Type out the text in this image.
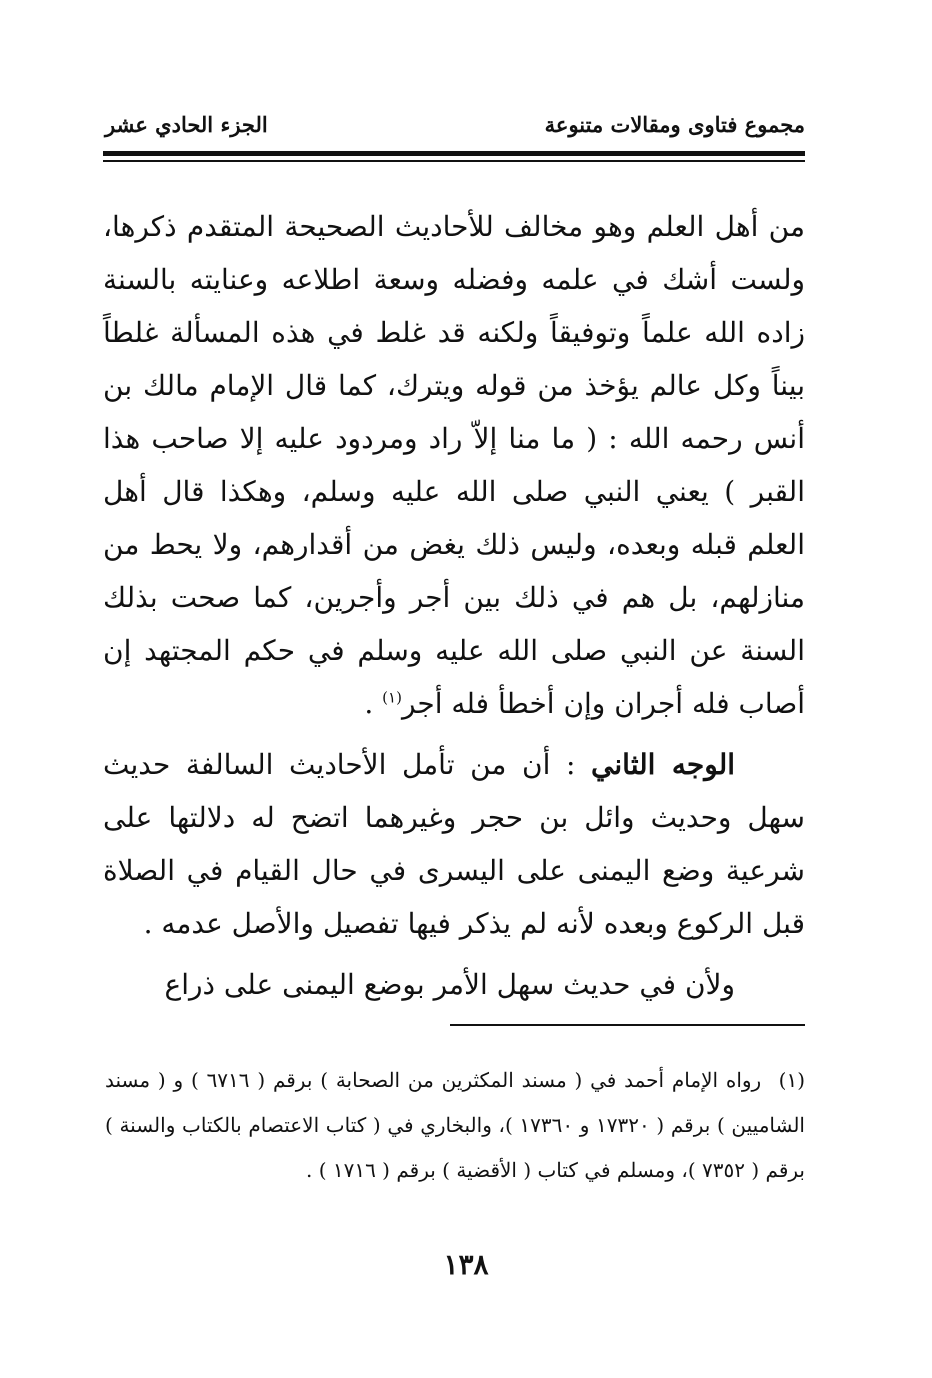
مجموع فتاوى ومقالات متنوعة
الجزء الحادي عشر

من أهل العلم وهو مخالف للأحاديث الصحيحة المتقدم ذكرها، ولست أشك في علمه وفضله وسعة اطلاعه وعنايته بالسنة زاده الله علماً وتوفيقاً ولكنه قد غلط في هذه المسألة غلطاً بيناً وكل عالم يؤخذ من قوله ويترك، كما قال الإمام مالك بن أنس رحمه الله : ( ما منا إلاّ راد ومردود عليه إلا صاحب هذا القبر ) يعني النبي صلى الله عليه وسلم، وهكذا قال أهل العلم قبله وبعده، وليس ذلك يغض من أقدارهم، ولا يحط من منازلهم، بل هم في ذلك بين أجر وأجرين، كما صحت بذلك السنة عن النبي صلى الله عليه وسلم في حكم المجتهد إن أصاب فله أجران وإن أخطأ فله أجر$^{(١)}$ .

الوجه الثاني : أن من تأمل الأحاديث السالفة حديث سهل وحديث وائل بن حجر وغيرهما اتضح له دلالتها على شرعية وضع اليمنى على اليسرى في حال القيام في الصلاة قبل الركوع وبعده لأنه لم يذكر فيها تفصيل والأصل عدمه .

ولأن في حديث سهل الأمر بوضع اليمنى على ذراع

(١) رواه الإمام أحمد في ( مسند المكثرين من الصحابة ) برقم ( ٦٧١٦ ) و ( مسند الشاميين ) برقم ( ١٧٣٢٠ و ١٧٣٦٠ )، والبخاري في ( كتاب الاعتصام بالكتاب والسنة ) برقم ( ٧٣٥٢ )، ومسلم في كتاب ( الأقضية ) برقم ( ١٧١٦ ) .

١٣٨
